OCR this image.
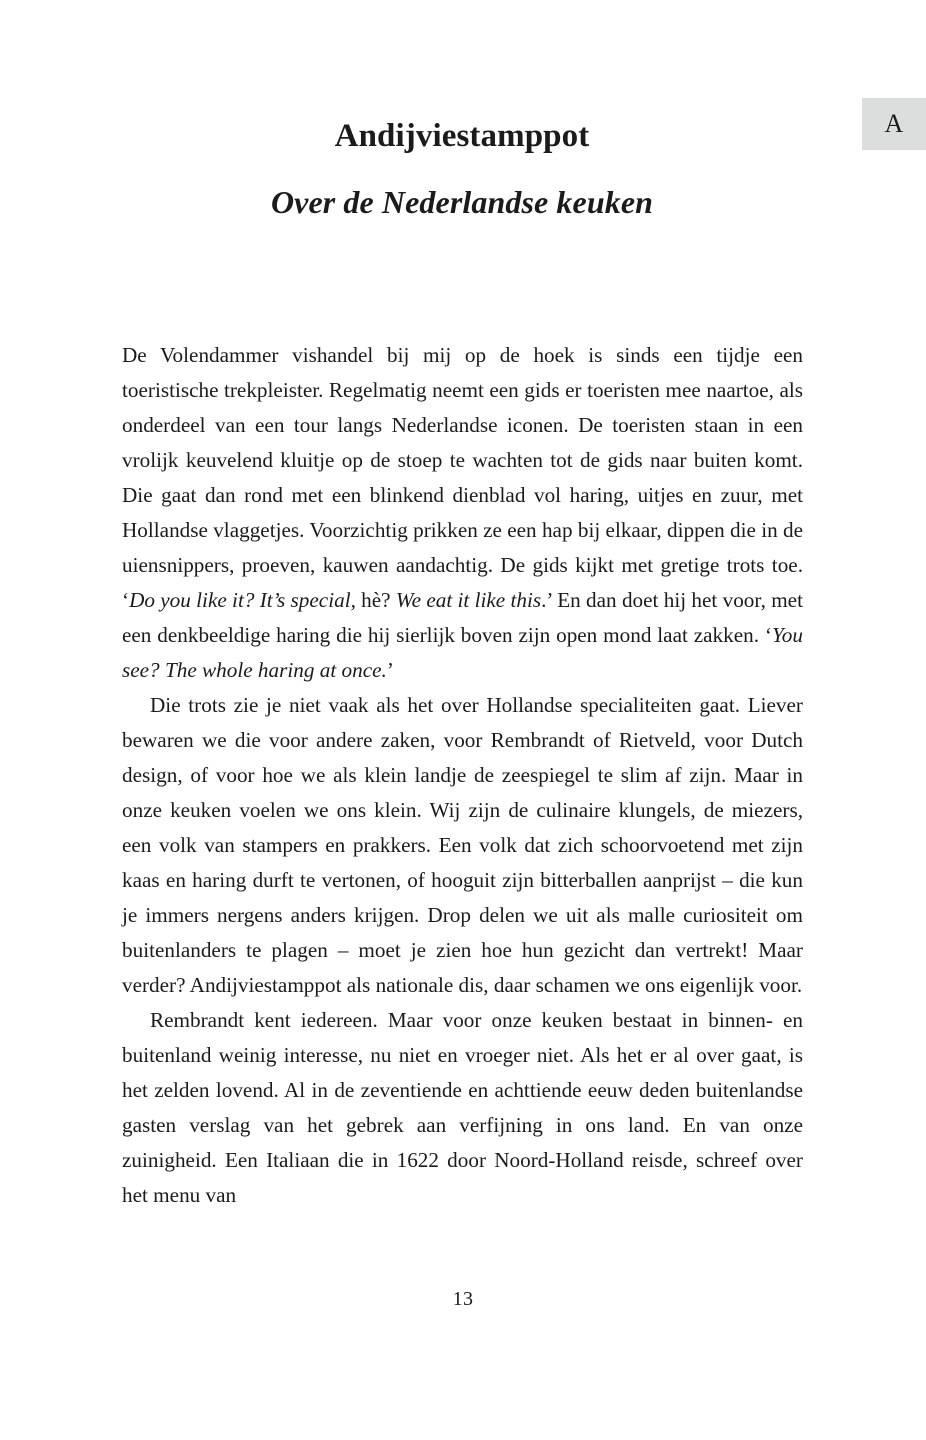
A
Andijviestamppot
Over de Nederlandse keuken

De Volendammer vishandel bij mij op de hoek is sinds een tijdje een toeristische trekpleister. Regelmatig neemt een gids er toeristen mee naartoe, als onderdeel van een tour langs Nederlandse iconen. De toeristen staan in een vrolijk keuvelend kluitje op de stoep te wachten tot de gids naar buiten komt. Die gaat dan rond met een blinkend dienblad vol haring, uitjes en zuur, met Hollandse vlaggetjes. Voorzichtig prikken ze een hap bij elkaar, dippen die in de uiensnippers, proeven, kauwen aandachtig. De gids kijkt met gretige trots toe. ‘Do you like it? It’s special, hè? We eat it like this.’ En dan doet hij het voor, met een denkbeeldige haring die hij sierlijk boven zijn open mond laat zakken. ‘You see? The whole haring at once.’

Die trots zie je niet vaak als het over Hollandse specialiteiten gaat. Liever bewaren we die voor andere zaken, voor Rembrandt of Rietveld, voor Dutch design, of voor hoe we als klein landje de zeespiegel te slim af zijn. Maar in onze keuken voelen we ons klein. Wij zijn de culinaire klungels, de miezers, een volk van stampers en prakkers. Een volk dat zich schoorvoetend met zijn kaas en haring durft te vertonen, of hooguit zijn bitterballen aanprijst – die kun je immers nergens anders krijgen. Drop delen we uit als malle curiositeit om buitenlanders te plagen – moet je zien hoe hun gezicht dan vertrekt! Maar verder? Andijviestamppot als nationale dis, daar schamen we ons eigenlijk voor.

Rembrandt kent iedereen. Maar voor onze keuken bestaat in binnen- en buitenland weinig interesse, nu niet en vroeger niet. Als het er al over gaat, is het zelden lovend. Al in de zeventiende en achttiende eeuw deden buitenlandse gasten verslag van het gebrek aan verfijning in ons land. En van onze zuinigheid. Een Italiaan die in 1622 door Noord-Holland reisde, schreef over het menu van

13
